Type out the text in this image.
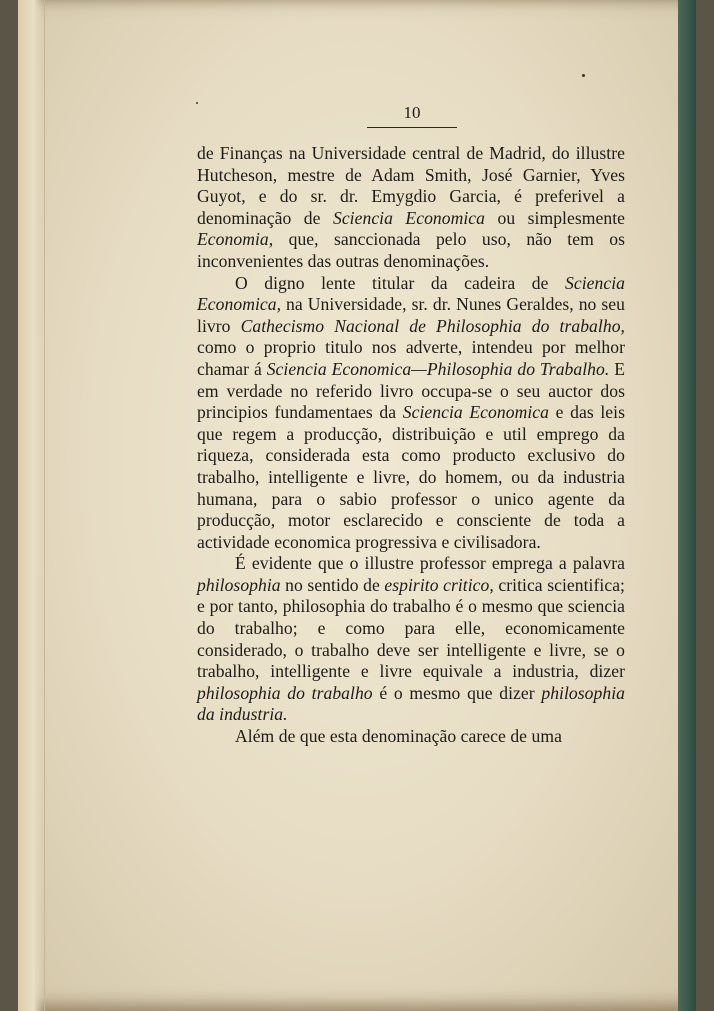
10

de Finanças na Universidade central de Madrid, do illustre Hutcheson, mestre de Adam Smith, José Garnier, Yves Guyot, e do sr. dr. Emygdio Garcia, é preferivel a denominação de Sciencia Economica ou simplesmente Economia, que, sanccionada pelo uso, não tem os inconvenientes das outras denominações.

O digno lente titular da cadeira de Sciencia Economica, na Universidade, sr. dr. Nunes Geraldes, no seu livro Cathecismo Nacional de Philosophia do trabalho, como o proprio titulo nos adverte, intendeu por melhor chamar á Sciencia Economica—Philosophia do Trabalho. E em verdade no referido livro occupa-se o seu auctor dos principios fundamentaes da Sciencia Economica e das leis que regem a producção, distribuição e util emprego da riqueza, considerada esta como producto exclusivo do trabalho, intelligente e livre, do homem, ou da industria humana, para o sabio professor o unico agente da producção, motor esclarecido e consciente de toda a actividade economica progressiva e civilisadora.

É evidente que o illustre professor emprega a palavra philosophia no sentido de espirito critico, critica scientifica; e por tanto, philosophia do trabalho é o mesmo que sciencia do trabalho; e como para elle, economicamente considerado, o trabalho deve ser intelligente e livre, se o trabalho, intelligente e livre equivale a industria, dizer philosophia do trabalho é o mesmo que dizer philosophia da industria.

Além de que esta denominação carece de uma
